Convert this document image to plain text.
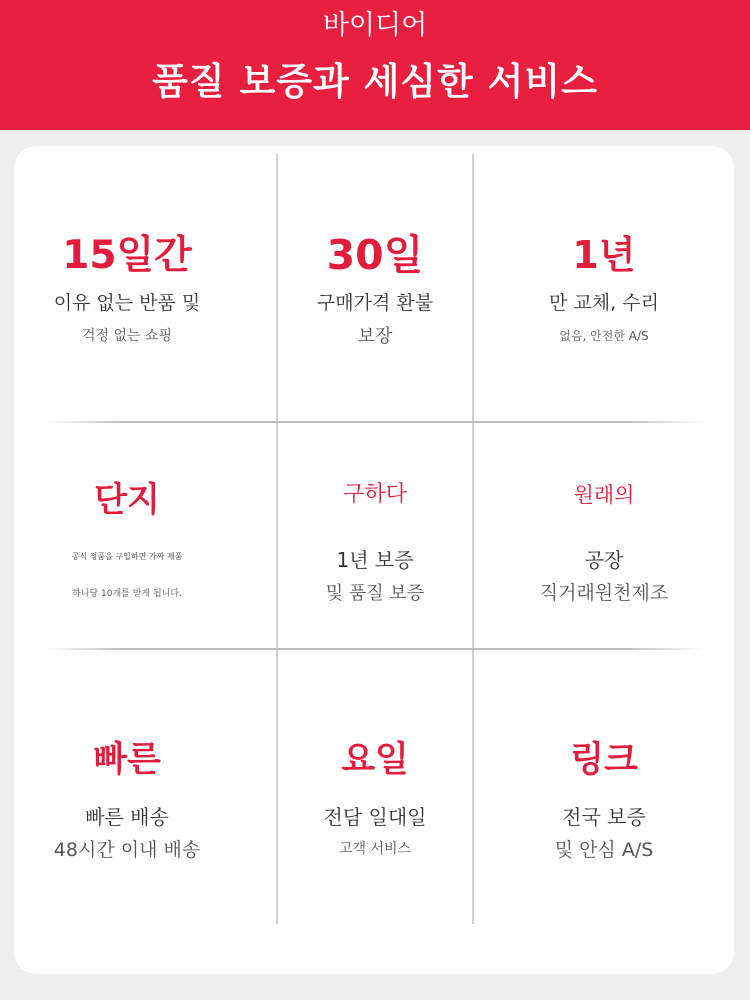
바이디어
품질 보증과 세심한 서비스
15일간
이유 없는 반품 및
걱정 없는 쇼핑
30일
구매가격 환불
보장
1년
만 교체, 수리
없음, 안전한 A/S
단지
공식 정품을 구입하면 가짜 제품
하나당 10개를 받게 됩니다.
구하다
1년 보증
및 품질 보증
원래의
공장
직거래원천제조
빠른
빠른 배송
48시간 이내 배송
요일
전담 일대일
고객 서비스
링크
전국 보증
및 안심 A/S
